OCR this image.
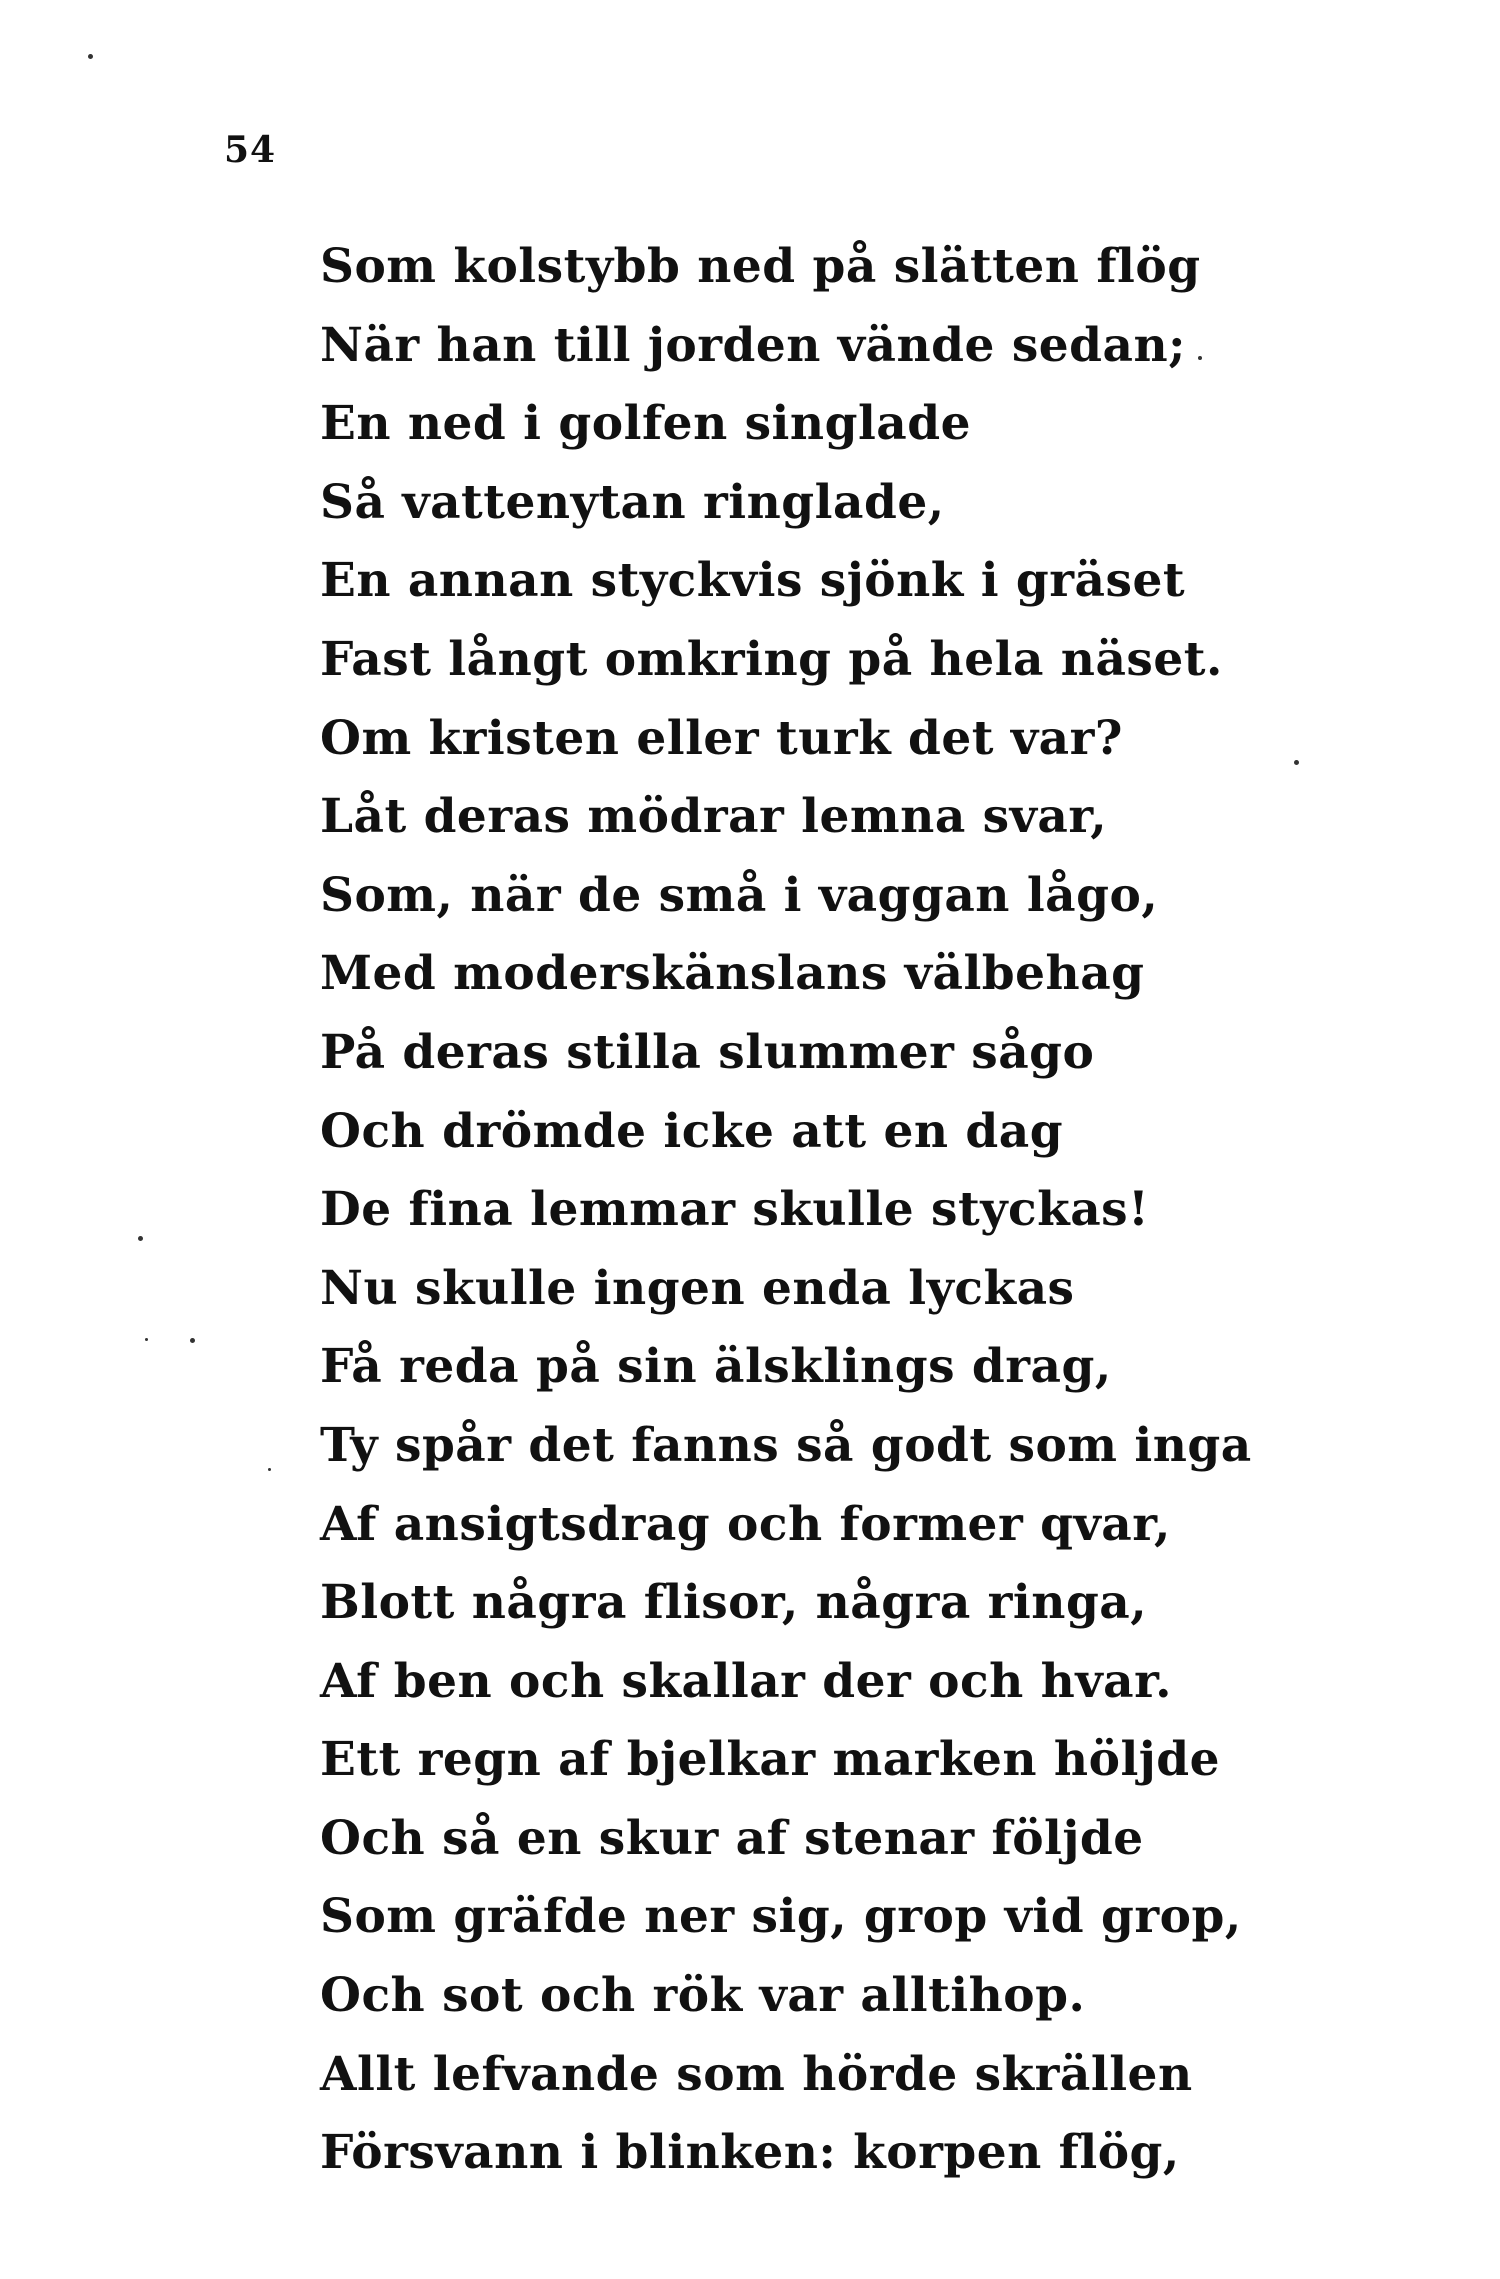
54
Som kolstybb ned på slätten flög
När han till jorden vände sedan;
En ned i golfen singlade
Så vattenytan ringlade,
En annan styckvis sjönk i gräset
Fast långt omkring på hela näset.
Om kristen eller turk det var?
Låt deras mödrar lemna svar,
Som, när de små i vaggan lågo,
Med moderskänslans välbehag
På deras stilla slummer sågo
Och drömde icke att en dag
De fina lemmar skulle styckas!
Nu skulle ingen enda lyckas
Få reda på sin älsklings drag,
Ty spår det fanns så godt som inga
Af ansigtsdrag och former qvar,
Blott några flisor, några ringa,
Af ben och skallar der och hvar.
Ett regn af bjelkar marken höljde
Och så en skur af stenar följde
Som gräfde ner sig, grop vid grop,
Och sot och rök var alltihop.
Allt lefvande som hörde skrällen
Försvann i blinken: korpen flög,
